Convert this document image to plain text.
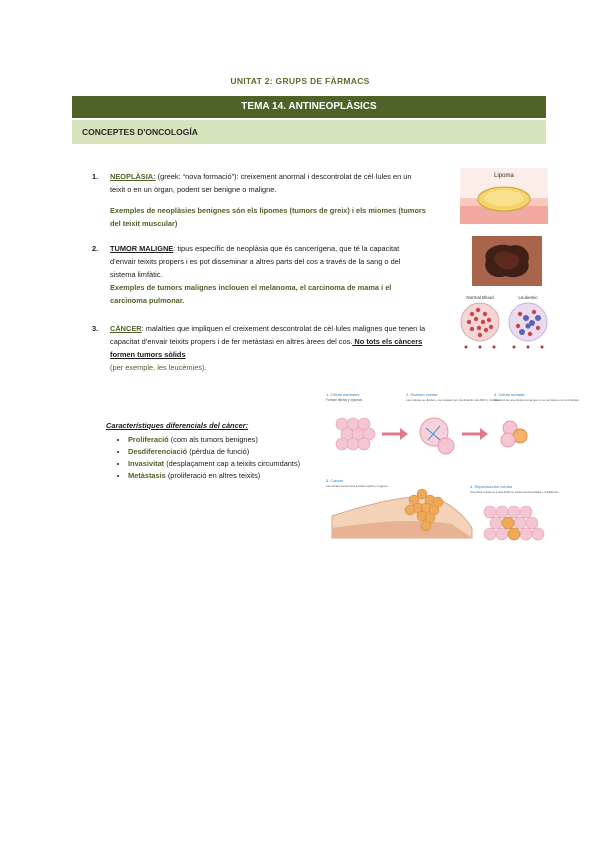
UNITAT 2: GRUPS DE FÀRMACS
TEMA 14. ANTINEOPLÀSICS
CONCEPTES D'ONCOLOGÍA
1. NEOPLÀSIA: (greek: “nova formació”): creixement anormal i descontrolat de cèl·lules en un teixit o en un òrgan, podent ser benigne o maligne.
Exemples de neoplàsies benignes són els lipomes (tumors de greix) i els miomes (tumors del teixit muscular)
2. TUMOR MALIGNE: tipus específic de neoplàsia que és cancerígena, que té la capacitat d’envair teixits propers i es pot disseminar a altres parts del cos a través de la sang o del sistema limfàtic.
Exemples de tumors malignes inclouen el melanoma, el carcinoma de mama i el carcinoma pulmonar.
3. CÀNCER: malalties que impliquen el creixement descontrolat de cèl·lules malignes que tenen la capacitat d’envair teixits propers i de fer metàstasi en altres àrees del cos. No tots els càncers formen tumors sòlids
(per exemple, les leucèmies).
Característiques diferencials del càncer:
• Proliferació (com als tumors benignes)
• Desdiferenciació (pèrdua de funció)
• Invasivitat (desplaçament cap a teixits circumdants)
• Metàstasis (proliferació en altres teixits)
Lipoma
Normal Blood	Leukemic
1. Célula normales
Forman tejidos y órganos
2. División celular
Las células se dividen y se reparan por duplicación del ADN y mitosis
3. Célula mutada
Mutación de una célula normal que no se reproduce con normalidad
5. Cáncer
Las células cancerosas invaden tejidos y órganos	4. Reproducción celular
Una célula mutada se puede dividir en células descontroladas y multiplicarse
